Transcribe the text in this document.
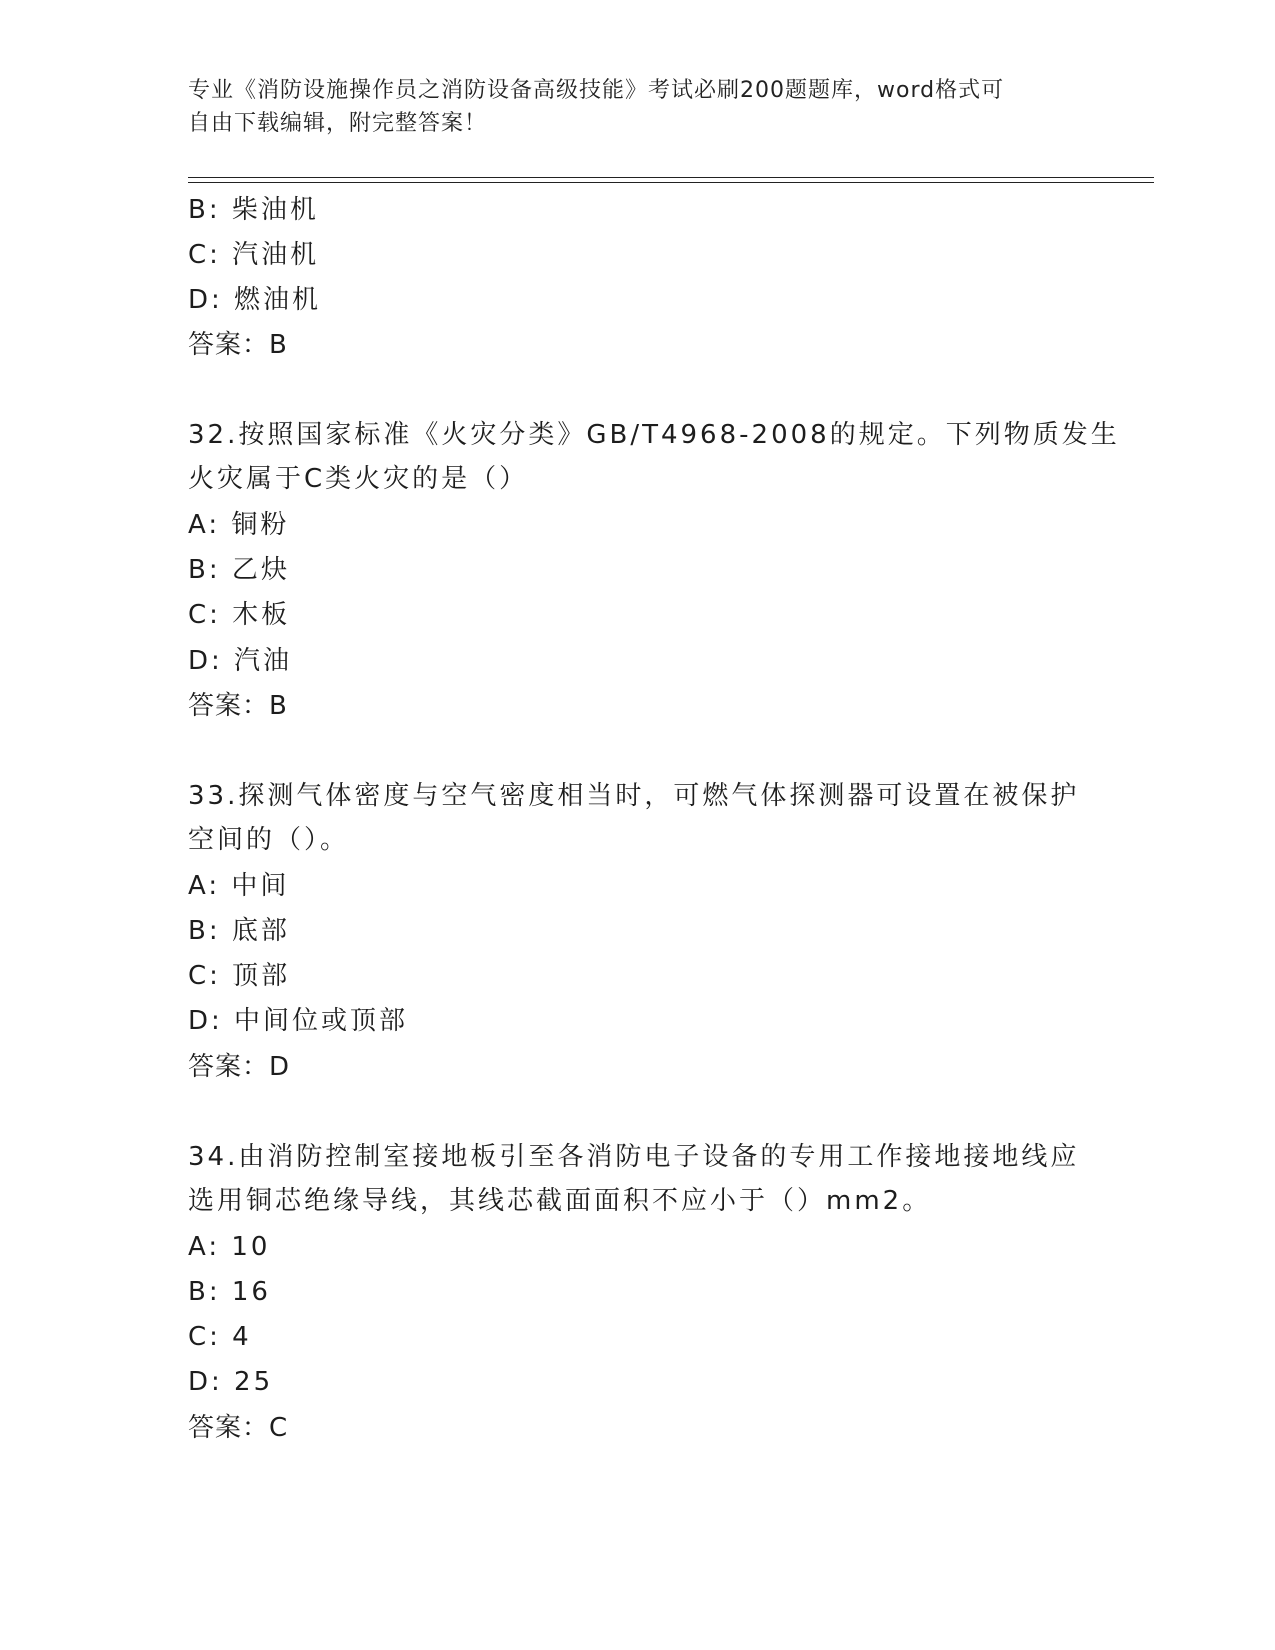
专业《消防设施操作员之消防设备高级技能》考试必刷200题题库，word格式可
自由下载编辑，附完整答案！
B: 柴油机
C: 汽油机
D: 燃油机
答案：B
32.按照国家标准《火灾分类》GB/T4968-2008的规定。下列物质发生
火灾属于C类火灾的是（）
A: 铜粉
B: 乙炔
C: 木板
D: 汽油
答案：B
33.探测气体密度与空气密度相当时，可燃气体探测器可设置在被保护
空间的（）。
A: 中间
B: 底部
C: 顶部
D: 中间位或顶部
答案：D
34.由消防控制室接地板引至各消防电子设备的专用工作接地接地线应
选用铜芯绝缘导线，其线芯截面面积不应小于（）mm2。
A: 10
B: 16
C: 4
D: 25
答案：C
